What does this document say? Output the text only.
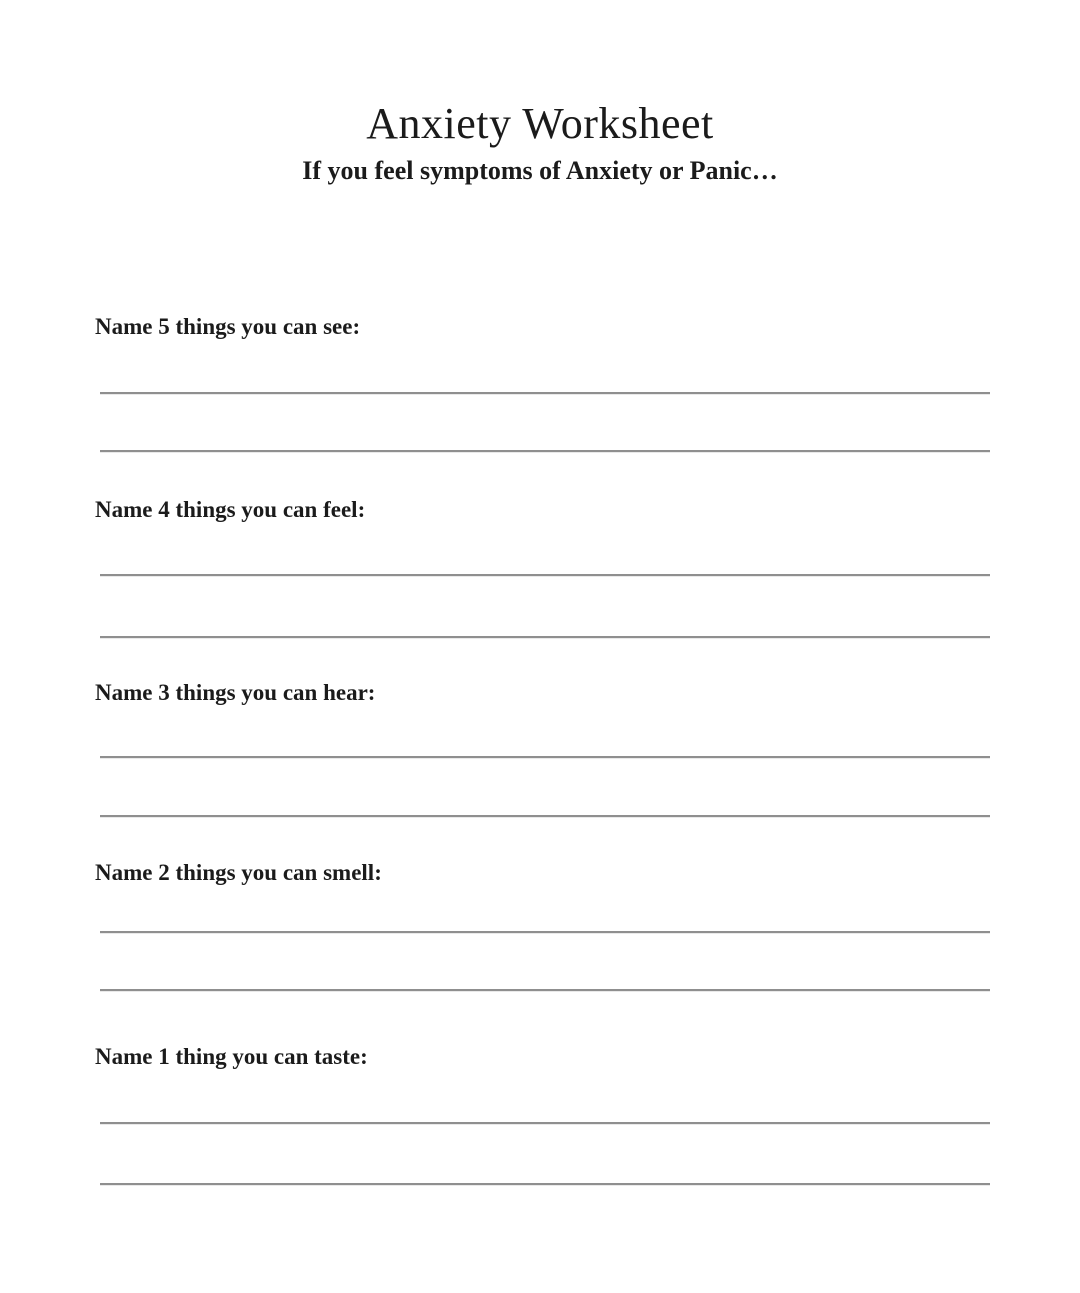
Anxiety Worksheet
If you feel symptoms of Anxiety or Panic…
Name 5 things you can see:
Name 4 things you can feel:
Name 3 things you can hear:
Name 2 things you can smell:
Name 1 thing you can taste:
